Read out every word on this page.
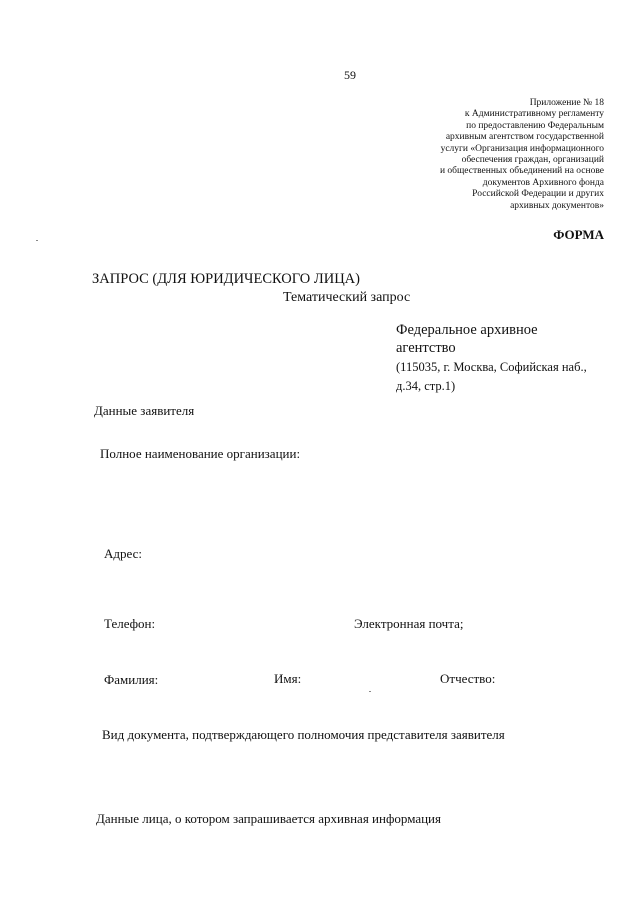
59
Приложение № 18
к Административному регламенту
по предоставлению Федеральным
архивным агентством государственной
услуги «Организация информационного
обеспечения граждан, организаций
и общественных объединений на основе
документов Архивного фонда
Российской Федерации и других
архивных документов»
ФОРМА
ЗАПРОС (ДЛЯ ЮРИДИЧЕСКОГО ЛИЦА)
Тематический запрос
Федеральное архивное
агентство
(115035, г. Москва, Софийская наб.,
д.34, стр.1)
Данные заявителя
Полное наименование организации:
Адрес:
Телефон:	Электронная почта;
Фамилия:	Имя:	Отчество:
Вид документа, подтверждающего полномочия представителя заявителя
Данные лица, о котором запрашивается архивная информация
